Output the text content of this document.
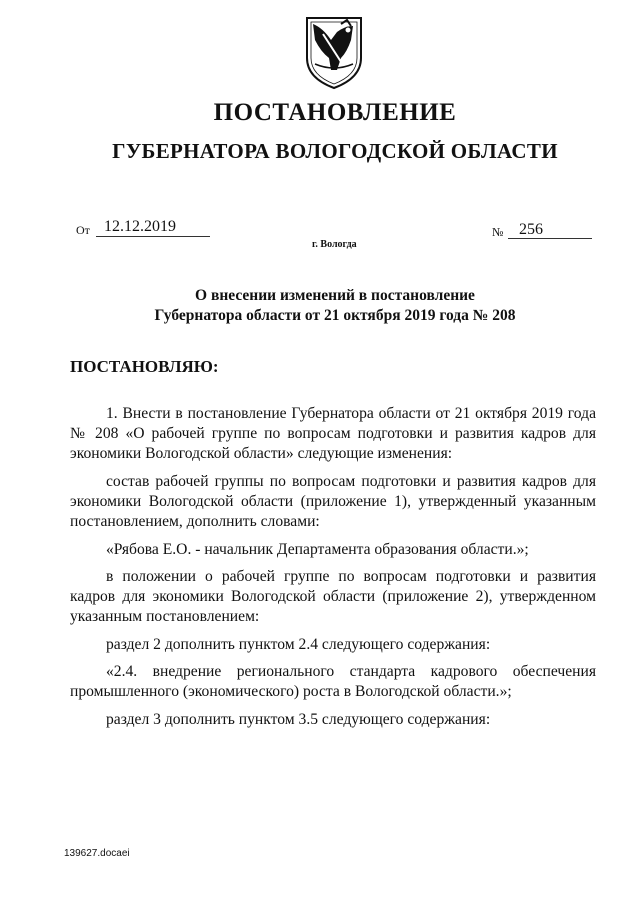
ПОСТАНОВЛЕНИЕ
ГУБЕРНАТОРА ВОЛОГОДСКОЙ ОБЛАСТИ
От 12.12.2019	№ 256
г. Вологда
О внесении изменений в постановление
Губернатора области от 21 октября 2019 года № 208
ПОСТАНОВЛЯЮ:

1. Внести в постановление Губернатора области от 21 октября 2019 года № 208 «О рабочей группе по вопросам подготовки и развития кадров для экономики Вологодской области» следующие изменения:

состав рабочей группы по вопросам подготовки и развития кадров для экономики Вологодской области (приложение 1), утвержденный указанным постановлением, дополнить словами:

«Рябова Е.О. - начальник Департамента образования области.»;

в положении о рабочей группе по вопросам подготовки и развития кадров для экономики Вологодской области (приложение 2), утвержденном указанным постановлением:

раздел 2 дополнить пунктом 2.4 следующего содержания:

«2.4. внедрение регионального стандарта кадрового обеспечения промышленного (экономического) роста в Вологодской области.»;

раздел 3 дополнить пунктом 3.5 следующего содержания:

139627.docaei
